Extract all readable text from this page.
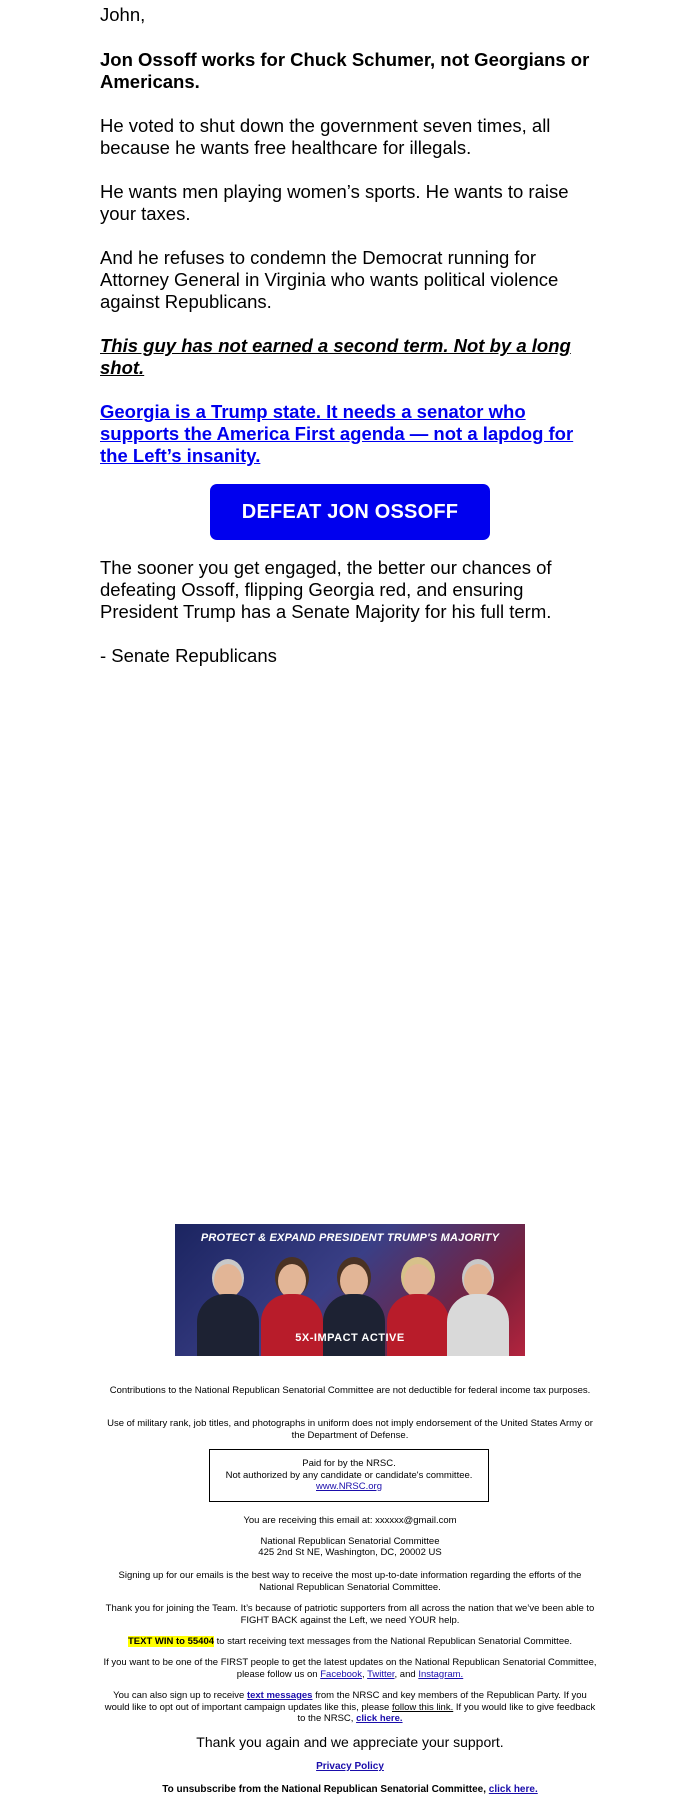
John,

Jon Ossoff works for Chuck Schumer, not Georgians or Americans.

He voted to shut down the government seven times, all because he wants free healthcare for illegals.

He wants men playing women’s sports. He wants to raise your taxes.

And he refuses to condemn the Democrat running for Attorney General in Virginia who wants political violence against Republicans.

This guy has not earned a second term. Not by a long shot.

Georgia is a Trump state. It needs a senator who supports the America First agenda — not a lapdog for the Left’s insanity.
DEFEAT JON OSSOFF

The sooner you get engaged, the better our chances of defeating Ossoff, flipping Georgia red, and ensuring President Trump has a Senate Majority for his full term.

- Senate Republicans

PROTECT & EXPAND PRESIDENT TRUMP'S MAJORITY
5X-IMPACT ACTIVE
Contributions to the National Republican Senatorial Committee are not deductible for federal income tax purposes.
Use of military rank, job titles, and photographs in uniform does not imply endorsement of the United States Army or the Department of Defense.
Paid for by the NRSC.
Not authorized by any candidate or candidate's committee.
www.NRSC.org
You are receiving this email at: xxxxxx@gmail.com
National Republican Senatorial Committee
425 2nd St NE, Washington, DC, 20002 US
Signing up for our emails is the best way to receive the most up-to-date information regarding the efforts of the National Republican Senatorial Committee.
Thank you for joining the Team. It’s because of patriotic supporters from all across the nation that we’ve been able to FIGHT BACK against the Left, we need YOUR help.
TEXT WIN to 55404 to start receiving text messages from the National Republican Senatorial Committee.
If you want to be one of the FIRST people to get the latest updates on the National Republican Senatorial Committee, please follow us on Facebook, Twitter, and Instagram.
You can also sign up to receive text messages from the NRSC and key members of the Republican Party. If you would like to opt out of important campaign updates like this, please follow this link. If you would like to give feedback to the NRSC, click here.
Thank you again and we appreciate your support.
Privacy Policy
To unsubscribe from the National Republican Senatorial Committee, click here.
